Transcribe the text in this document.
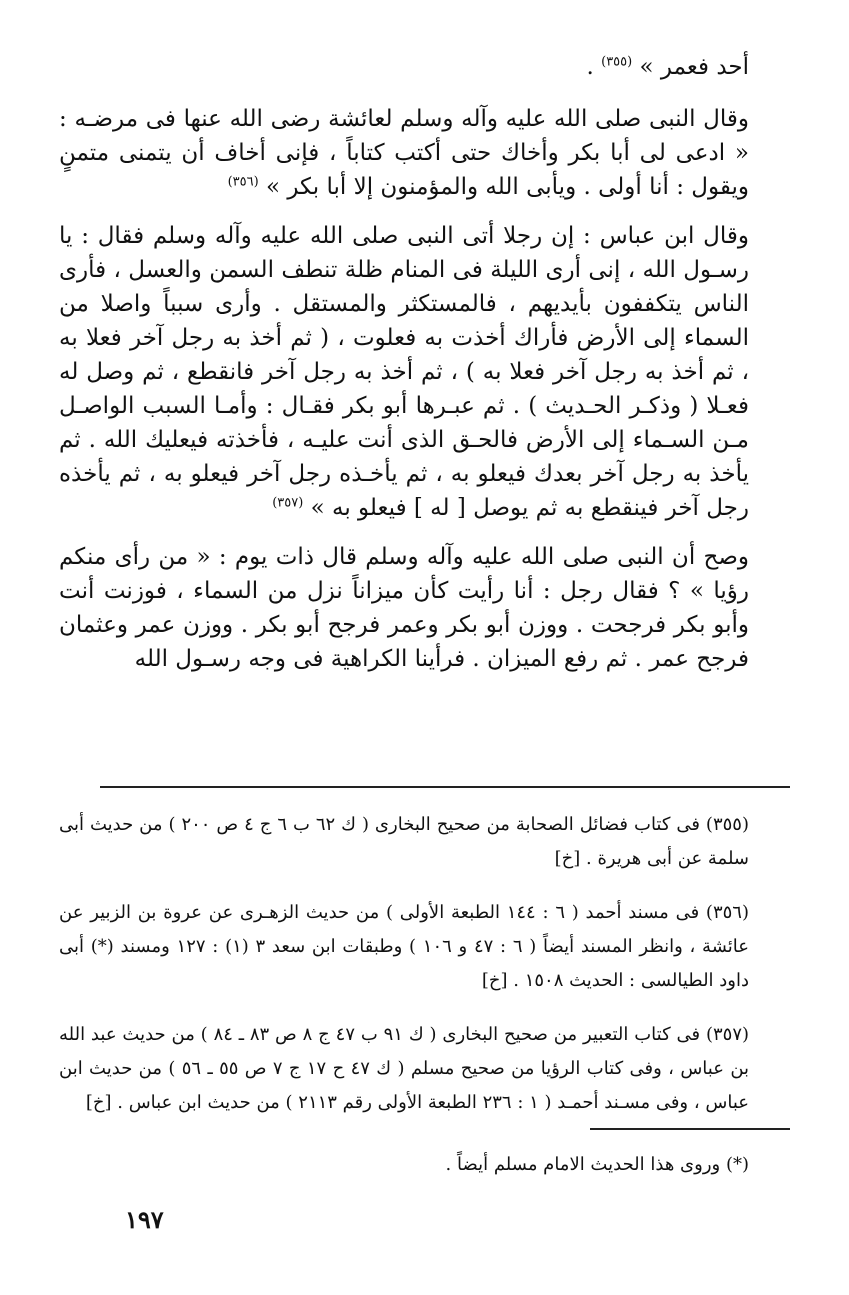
أحد فعمر » $^{(٣٥٥)}$ .

وقال النبى صلى الله عليه وآله وسلم لعائشة رضى الله عنها فى مرضـه : « ادعى لى أبا بكر وأخاك حتى أكتب كتاباً ، فإنى أخاف أن يتمنى متمنٍ ويقول : أنا أولى . ويأبى الله والمؤمنون إلا أبا بكر » $^{(٣٥٦)}$

وقال ابن عباس : إن رجلا أتى النبى صلى الله عليه وآله وسلم فقال : يا رسـول الله ، إنى أرى الليلة فى المنام ظلة تنطف السمن والعسل ، فأرى الناس يتكففون بأيديهم ، فالمستكثر والمستقل . وأرى سبباً واصلا من السماء إلى الأرض فأراك أخذت به فعلوت ، ( ثم أخذ به رجل آخر فعلا به ، ثم أخذ به رجل آخر فعلا به ) ، ثم أخذ به رجل آخر فانقطع ، ثم وصل له فعـلا ( وذكـر الحـديث ) . ثم عبـرها أبو بكر فقـال : وأمـا السبب الواصـل مـن السـماء إلى الأرض فالحـق الذى أنت عليـه ، فأخذته فيعليك الله . ثم يأخذ به رجل آخر بعدك فيعلو به ، ثم يأخـذه رجل آخر فيعلو به ، ثم يأخذه رجل آخر فينقطع به ثم يوصل [ له ] فيعلو به » $^{(٣٥٧)}$

وصح أن النبى صلى الله عليه وآله وسلم قال ذات يوم : « من رأى منكم رؤيا » ؟ فقال رجل : أنا رأيت كأن ميزاناً نزل من السماء ، فوزنت أنت وأبو بكر فرجحت . ووزن أبو بكر وعمر فرجح أبو بكر . ووزن عمر وعثمان فرجح عمر . ثم رفع الميزان . فرأينا الكراهية فى وجه رسـول الله

(٣٥٥) فى كتاب فضائل الصحابة من صحيح البخارى ( ك ٦٢ ب ٦ ج ٤ ص ٢٠٠ ) من حديث أبى سلمة عن أبى هريرة . [خ]

(٣٥٦) فى مسند أحمد ( ٦ : ١٤٤ الطبعة الأولى ) من حديث الزهـرى عن عروة بن الزبير عن عائشة ، وانظر المسند أيضاً ( ٦ : ٤٧ و ١٠٦ ) وطبقات ابن سعد ٣ (١) : ١٢٧ ومسند (*) أبى داود الطيالسى : الحديث ١٥٠٨ . [خ]

(٣٥٧) فى كتاب التعبير من صحيح البخارى ( ك ٩١ ب ٤٧ ج ٨ ص ٨٣ ـ ٨٤ ) من حديث عبد الله بن عباس ، وفى كتاب الرؤيا من صحيح مسلم ( ك ٤٧ ح ١٧ ج ٧ ص ٥٥ ـ ٥٦ ) من حديث ابن عباس ، وفى مسـند أحمـد ( ١ : ٢٣٦ الطبعة الأولى رقم ٢١١٣ ) من حديث ابن عباس . [خ]

(*) وروى هذا الحديث الامام مسلم أيضاً .
١٩٧
